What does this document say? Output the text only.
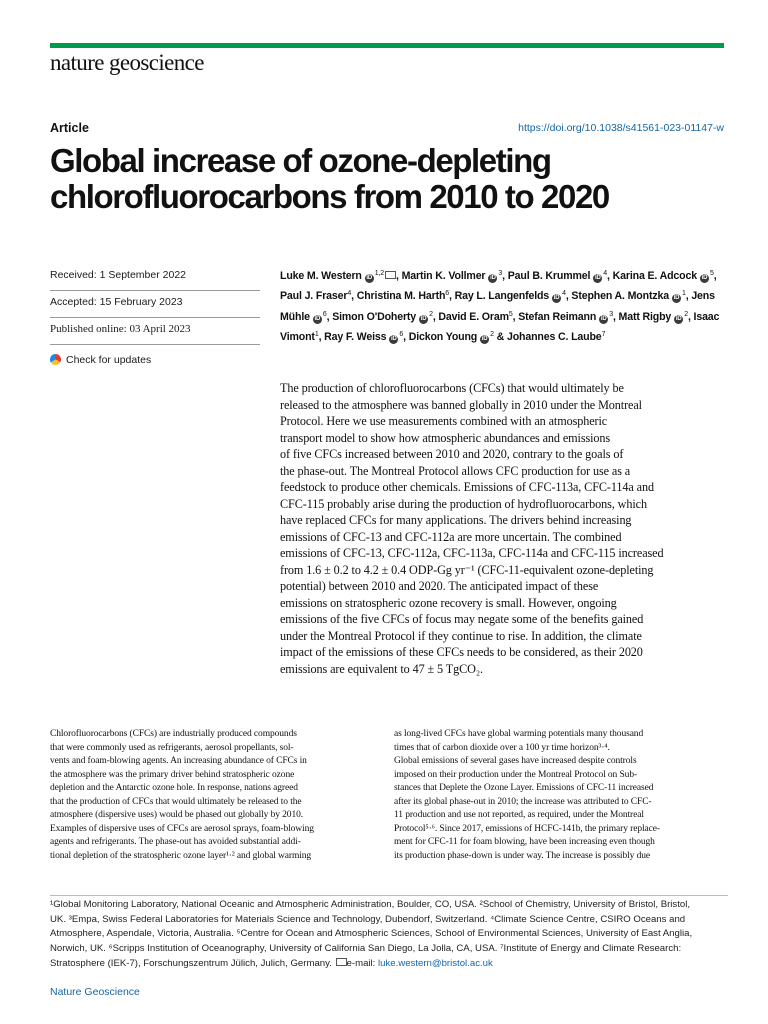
nature geoscience
Article	https://doi.org/10.1038/s41561-023-01147-w
Global increase of ozone-depleting
chlorofluorocarbons from 2010 to 2020
Received: 1 September 2022
Accepted: 15 February 2023
Published online: 03 April 2023
Check for updates
Luke M. Western iD$^{1,2}$ , Martin K. Vollmer $iD^3$, Paul B. Krummel $iD^4$, Karina E. Adcock $iD^5$, Paul J. Fraser$^4$, Christina M. Harth$^6$, Ray L. Langenfelds $iD^4$, Stephen A. Montzka $iD^1$, Jens Mühle $iD^6$, Simon O'Doherty $iD^2$, David E. Oram$^5$, Stefan Reimann $iD^3$, Matt Rigby $iD^2$, Isaac Vimont$^1$, Ray F. Weiss $iD^6$, Dickon Young $iD^2$ & Johannes C. Laube$^7$
The production of chlorofluorocarbons (CFCs) that would ultimately be
released to the atmosphere was banned globally in 2010 under the Montreal
Protocol. Here we use measurements combined with an atmospheric
transport model to show how atmospheric abundances and emissions
of five CFCs increased between 2010 and 2020, contrary to the goals of
the phase-out. The Montreal Protocol allows CFC production for use as a
feedstock to produce other chemicals. Emissions of CFC-113a, CFC-114a and
CFC-115 probably arise during the production of hydrofluorocarbons, which
have replaced CFCs for many applications. The drivers behind increasing
emissions of CFC-13 and CFC-112a are more uncertain. The combined
emissions of CFC-13, CFC-112a, CFC-113a, CFC-114a and CFC-115 increased
from 1.6 ± 0.2 to 4.2 ± 0.4 ODP-Gg yr⁻¹ (CFC-11-equivalent ozone-depleting
potential) between 2010 and 2020. The anticipated impact of these
emissions on stratospheric ozone recovery is small. However, ongoing
emissions of the five CFCs of focus may negate some of the benefits gained
under the Montreal Protocol if they continue to rise. In addition, the climate
impact of the emissions of these CFCs needs to be considered, as their 2020
emissions are equivalent to 47 ± 5 TgCO₂.
Chlorofluorocarbons (CFCs) are industrially produced compounds
that were commonly used as refrigerants, aerosol propellants, sol-
vents and foam-blowing agents. An increasing abundance of CFCs in
the atmosphere was the primary driver behind stratospheric ozone
depletion and the Antarctic ozone hole. In response, nations agreed
that the production of CFCs that would ultimately be released to the
atmosphere (dispersive uses) would be phased out globally by 2010.
Examples of dispersive uses of CFCs are aerosol sprays, foam-blowing
agents and refrigerants. The phase-out has avoided substantial addi-
tional depletion of the stratospheric ozone layer¹·² and global warming
as long-lived CFCs have global warming potentials many thousand
times that of carbon dioxide over a 100 yr time horizon³·⁴.
Global emissions of several gases have increased despite controls
imposed on their production under the Montreal Protocol on Sub-
stances that Deplete the Ozone Layer. Emissions of CFC-11 increased
after its global phase-out in 2010; the increase was attributed to CFC-
11 production and use not reported, as required, under the Montreal
Protocol⁵·⁶. Since 2017, emissions of HCFC-141b, the primary replace-
ment for CFC-11 for foam blowing, have been increasing even though
its production phase-down is under way. The increase is possibly due
¹Global Monitoring Laboratory, National Oceanic and Atmospheric Administration, Boulder, CO, USA. ²School of Chemistry, University of Bristol, Bristol,
UK. ³Empa, Swiss Federal Laboratories for Materials Science and Technology, Dubendorf, Switzerland. ⁴Climate Science Centre, CSIRO Oceans and
Atmosphere, Aspendale, Victoria, Australia. ⁵Centre for Ocean and Atmospheric Sciences, School of Environmental Sciences, University of East Anglia,
Norwich, UK. ⁶Scripps Institution of Oceanography, University of California San Diego, La Jolla, CA, USA. ⁷Institute of Energy and Climate Research:
Stratosphere (IEK-7), Forschungszentrum Jülich, Julich, Germany. e-mail: luke.western@bristol.ac.uk
Nature Geoscience
